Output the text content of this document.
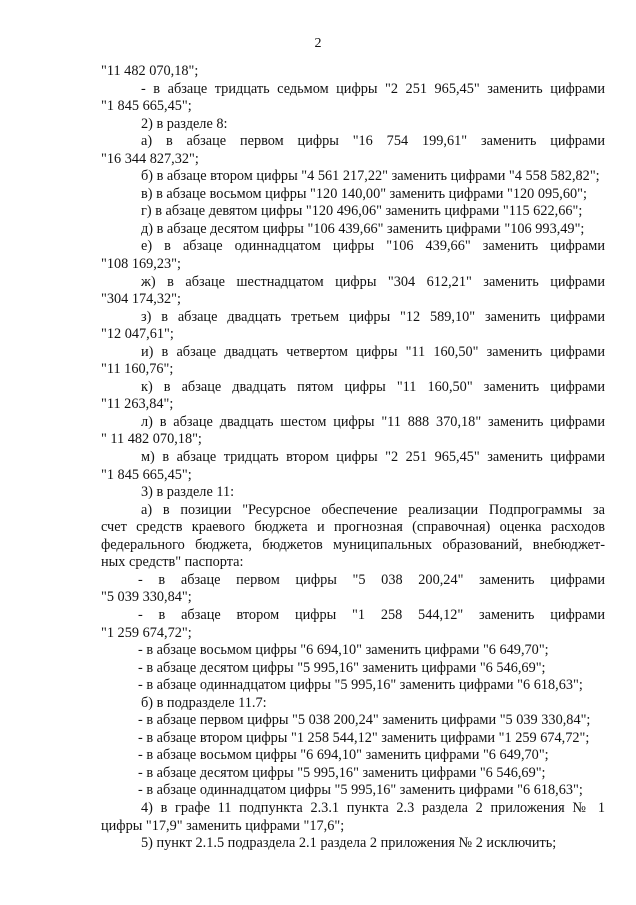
2
"11 482 070,18";
- в абзаце тридцать седьмом цифры "2 251 965,45" заменить цифрами
"1 845 665,45";
2) в разделе 8:
а) в абзаце первом цифры "16 754 199,61" заменить цифрами
"16 344 827,32";
б) в абзаце втором цифры "4 561 217,22" заменить цифрами "4 558 582,82";
в) в абзаце восьмом цифры "120 140,00" заменить цифрами "120 095,60";
г) в абзаце девятом цифры "120 496,06" заменить цифрами "115 622,66";
д) в абзаце десятом цифры "106 439,66" заменить цифрами "106 993,49";
е) в абзаце одиннадцатом цифры "106 439,66" заменить цифрами
"108 169,23";
ж) в абзаце шестнадцатом цифры "304 612,21" заменить цифрами
"304 174,32";
з) в абзаце двадцать третьем цифры "12 589,10" заменить цифрами
"12 047,61";
и) в абзаце двадцать четвертом цифры "11 160,50" заменить цифрами
"11 160,76";
к) в абзаце двадцать пятом цифры "11 160,50" заменить цифрами
"11 263,84";
л) в абзаце двадцать шестом цифры "11 888 370,18" заменить цифрами
" 11 482 070,18";
м) в абзаце тридцать втором цифры "2 251 965,45" заменить цифрами
"1 845 665,45";
3) в разделе 11:
а) в позиции "Ресурсное обеспечение реализации Подпрограммы за
счет средств краевого бюджета и прогнозная (справочная) оценка расходов
федерального бюджета, бюджетов муниципальных образований, внебюджет-
ных средств" паспорта:
- в абзаце первом цифры "5 038 200,24" заменить цифрами
"5 039 330,84";
- в абзаце втором цифры "1 258 544,12" заменить цифрами
"1 259 674,72";
- в абзаце восьмом цифры "6 694,10" заменить цифрами "6 649,70";
- в абзаце десятом цифры "5 995,16" заменить цифрами "6 546,69";
- в абзаце одиннадцатом цифры "5 995,16" заменить цифрами "6 618,63";
б) в подразделе 11.7:
- в абзаце первом цифры "5 038 200,24" заменить цифрами "5 039 330,84";
- в абзаце втором цифры "1 258 544,12" заменить цифрами "1 259 674,72";
- в абзаце восьмом цифры "6 694,10" заменить цифрами "6 649,70";
- в абзаце десятом цифры "5 995,16" заменить цифрами "6 546,69";
- в абзаце одиннадцатом цифры "5 995,16" заменить цифрами "6 618,63";
4) в графе 11 подпункта 2.3.1 пункта 2.3 раздела 2 приложения № 1
цифры "17,9" заменить цифрами "17,6";
5) пункт 2.1.5 подраздела 2.1 раздела 2 приложения № 2 исключить;
